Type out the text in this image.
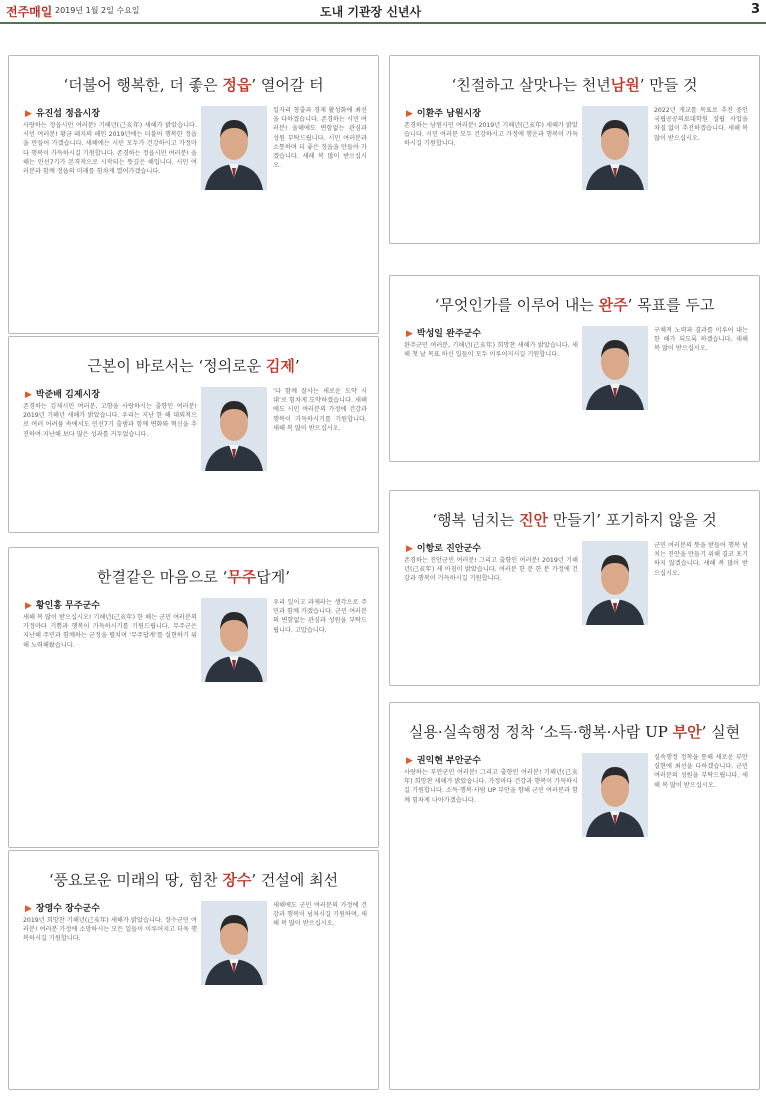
전주매일 2019년 1월 2일 수요일	도내 기관장 신년사	3
‘더불어 행복한, 더 좋은 정읍’ 열어갈 터
▶ 유진섭 정읍시장
사랑하는 정읍시민 여러분! 기해년(己亥年) 새해가 밝았습니다. 시민 여러분! 황금 돼지의 해인 2019년에는 더불어 행복한 정읍을 만들어 가겠습니다. 새해에는 시민 모두가 건강하시고 가정마다 행복이 가득하시길 기원합니다. 존경하는 정읍시민 여러분! 올해는 민선7기가 본격적으로 시작되는 뜻깊은 해입니다. 시민 여러분과 함께 정읍의 미래를 힘차게 열어가겠습니다.
일자리 창출과 경제 활성화에 최선을 다하겠습니다. 존경하는 시민 여러분! 올해에도 변함없는 관심과 성원 부탁드립니다. 시민 여러분과 소통하며 더 좋은 정읍을 만들어 가겠습니다. 새해 복 많이 받으십시오.
근본이 바로서는 ‘정의로운 김제’
▶ 박준배 김제시장
존경하는 김제시민 여러분, 고향을 사랑하시는 출향인 여러분! 2019년 기해년 새해가 밝았습니다. 우리는 지난 한 해 대외적으로 여러 어려움 속에서도 민선7기 출범과 함께 변화와 혁신을 추진하여 지난해 보다 많은 성과를 거두었습니다.
‘다 함께 잘사는 새로운 도약 시대’로 힘차게 도약하겠습니다. 새해에도 시민 여러분의 가정에 건강과 행복이 가득하시기를 기원합니다. 새해 복 많이 받으십시오.
한결같은 마음으로 ‘무주답게’
▶ 황인홍 무주군수
새해 복 많이 받으십시오! 기해년(己亥年) 한 해는 군민 여러분의 가정마다 기쁨과 행복이 가득하시기를 기원드립니다. 무주군은 지난해 주민과 함께하는 군정을 펼치며 ‘무주답게’를 실현하기 위해 노력해왔습니다.
우리 일이고 과제라는 생각으로 주민과 함께 가겠습니다. 군민 여러분의 변함없는 관심과 성원을 부탁드립니다. 고맙습니다.
‘풍요로운 미래의 땅, 힘찬 장수’ 건설에 최선
▶ 장영수 장수군수
2019년 희망찬 기해년(己亥年) 새해가 밝았습니다. 장수군민 여러분! 여러분 가정에 소망하시는 모든 일들이 이루어지고 더욱 행복하시길 기원합니다.
새해에도 군민 여러분의 가정에 건강과 행복이 넘치시길 기원하며, 새해 복 많이 받으십시오.
‘친절하고 살맛나는 천년남원’ 만들 것
▶ 이환주 남원시장
존경하는 남원시민 여러분! 2019년 기해년(己亥年) 새해가 밝았습니다. 시민 여러분 모두 건강하시고 가정에 행운과 행복이 가득하시길 기원합니다.
2022년 개교를 목표로 추진 중인 국립공공의료대학원 설립 사업을 차질 없이 추진하겠습니다. 새해 복 많이 받으십시오.
‘무엇인가를 이루어 내는 완주’ 목표를 두고
▶ 박성일 완주군수
완주군민 여러분, 기해년(己亥年) 희망찬 새해가 밝았습니다. 새해 첫 날 목표 하신 일들이 모두 이루어지시길 기원합니다.
구체적 노력과 결과를 이루어 내는 한 해가 되도록 하겠습니다. 새해 복 많이 받으십시오.
‘행복 넘치는 진안 만들기’ 포기하지 않을 것
▶ 이항로 진안군수
존경하는 진안군민 여러분! 그리고 출향인 여러분! 2019년 기해년(己亥年) 새 아침이 밝았습니다. 여러분 한 분 한 분 가정에 건강과 행복이 가득하시길 기원합니다.
군민 여러분의 뜻을 받들어 행복 넘치는 진안을 만들기 위해 결코 포기하지 않겠습니다. 새해 복 많이 받으십시오.
실용·실속행정 정착 ‘소득·행복·사람 UP 부안’ 실현
▶ 권익현 부안군수
사랑하는 부안군민 여러분! 그리고 출향인 여러분! 기해년(己亥年) 희망찬 새해가 밝았습니다. 가정마다 건강과 행복이 가득하시길 기원합니다. 소득·행복·사람 UP 부안을 향해 군민 여러분과 함께 힘차게 나아가겠습니다.
실속행정 정착을 통해 새로운 부안 실현에 최선을 다하겠습니다. 군민 여러분의 성원을 부탁드립니다. 새해 복 많이 받으십시오.
